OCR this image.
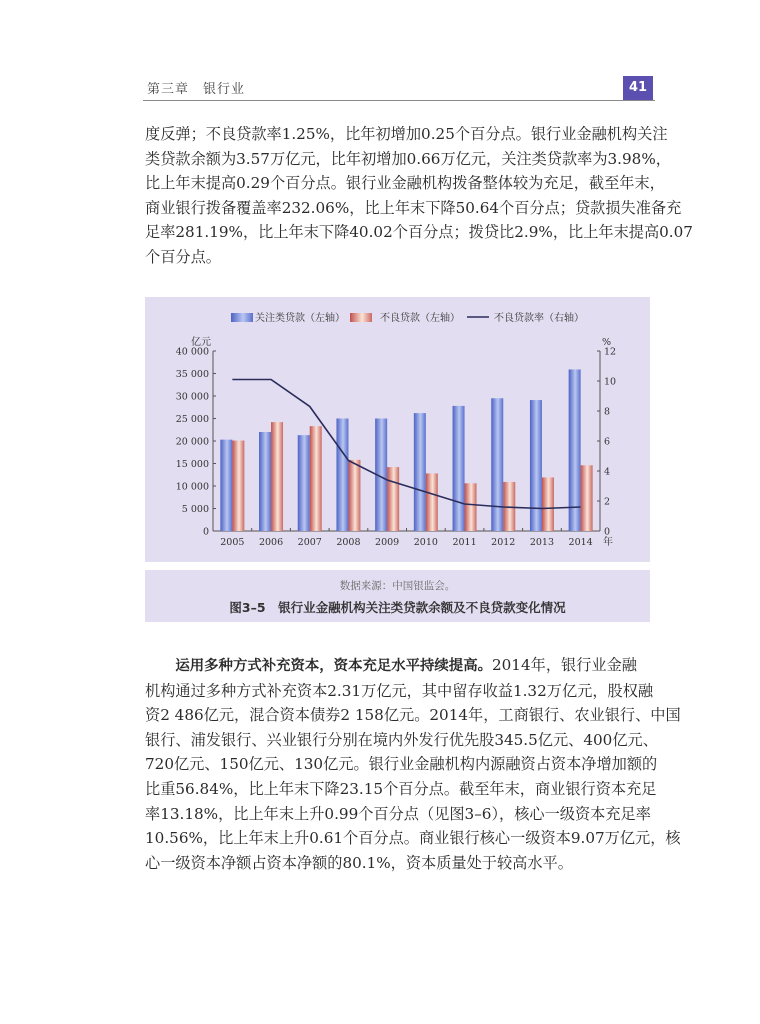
第三章　 银行业	41
度反弹；不良贷款率1.25%，比年初增加0.25个百分点。银行业金融机构关注
类贷款余额为3.57万亿元，比年初增加0.66万亿元，关注类贷款率为3.98%，
比上年末提高0.29个百分点。银行业金融机构拨备整体较为充足，截至年末，
商业银行拨备覆盖率232.06%，比上年末下降50.64个百分点；贷款损失准备充
足率281.19%，比上年末下降40.02个百分点；拨贷比2.9%，比上年末提高0.07
个百分点。
关注类贷款（左轴）	不良贷款（左轴）	不良贷款率（右轴）
0
5 000
10 000
15 000
20 000
25 000
30 000
35 000
40 000
0
2
4
6
8
10
12
亿元	%
2005 2006 2007 2008 2009 2010 2011 2012 2013 2014 年
数据来源：中国银监会。
图3–5　银行业金融机构关注类贷款余额及不良贷款变化情况
　　运用多种方式补充资本，资本充足水平持续提高。2014年，银行业金融
机构通过多种方式补充资本2.31万亿元，其中留存收益1.32万亿元，股权融
资2 486亿元，混合资本债券2 158亿元。2014年，工商银行、农业银行、中国
银行、浦发银行、兴业银行分别在境内外发行优先股345.5亿元、400亿元、
720亿元、150亿元、130亿元。银行业金融机构内源融资占资本净增加额的
比重56.84%，比上年末下降23.15个百分点。截至年末，商业银行资本充足
率13.18%，比上年末上升0.99个百分点（见图3–6），核心一级资本充足率
10.56%，比上年末上升0.61个百分点。商业银行核心一级资本9.07万亿元，核
心一级资本净额占资本净额的80.1%，资本质量处于较高水平。
